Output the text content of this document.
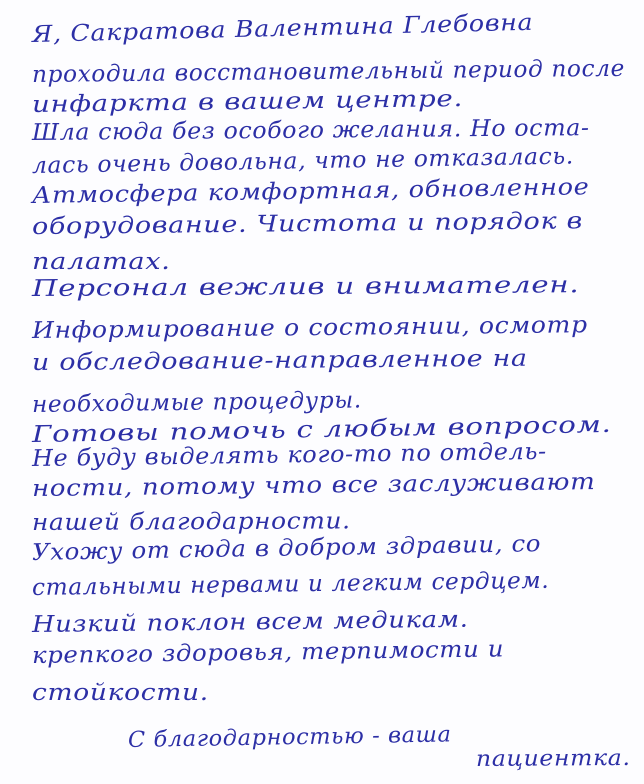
Я, Сакратова Валентина Глебовна
проходила восстановительный период после
инфаркта в вашем центре.
Шла сюда без особого желания. Но оста-
лась очень довольна, что не отказалась.
Атмосфера комфортная, обновленное
оборудование. Чистота и порядок в
палатах.
Персонал вежлив и внимателен.
Информирование о состоянии, осмотр
и обследование-направленное на
необходимые процедуры.
Готовы помочь с любым вопросом.
Не буду выделять кого-то по отдель-
ности, потому что все заслуживают
нашей благодарности.
Ухожу от сюда в добром здравии, со
стальными нервами и легким сердцем.
Низкий поклон всем медикам.
крепкого здоровья, терпимости и
стойкости.
С благодарностью - ваша
пациентка.
